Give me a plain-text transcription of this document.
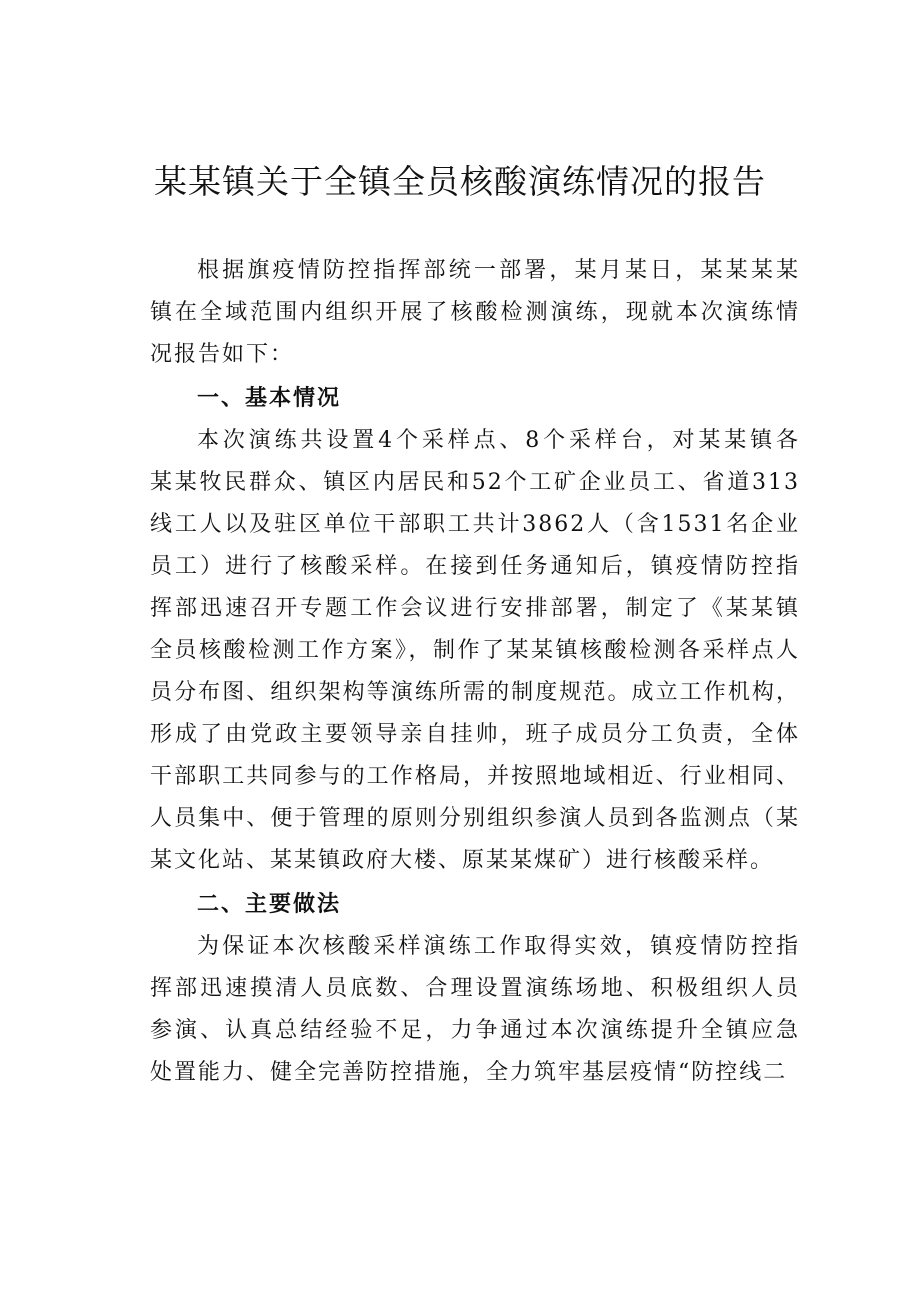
某某镇关于全镇全员核酸演练情况的报告

根据旗疫情防控指挥部统一部署，某月某日，某某某某 镇在全域范围内组织开展了核酸检测演练，现就本次演练情 况报告如下：

一、基本情况

本次演练共设置4个采样点、8个采样台，对某某镇各　 某某牧民群众、镇区内居民和52个工矿企业员工、省道313 线工人以及驻区单位干部职工共计3862人（含1531名企业　员工）进行了核酸采样。在接到任务通知后，镇疫情防控指 挥部迅速召开专题工作会议进行安排部署，制定了《某某镇　 全员核酸检测工作方案》，制作了某某镇核酸检测各采样点人 员分布图、组织架构等演练所需的制度规范。成立工作机构， 形成了由党政主要领导亲自挂帅，班子成员分工负责，全体 干部职工共同参与的工作格局，并按照地域相近、行业相同、 人员集中、便于管理的原则分别组织参演人员到各监测点（某 某文化站、某某镇政府大楼、原某某煤矿）进行核酸采样。

二、主要做法

为保证本次核酸采样演练工作取得实效，镇疫情防控指 挥部迅速摸清人员底数、合理设置演练场地、积极组织人员 参演、认真总结经验不足，力争通过本次演练提升全镇应急 处置能力、健全完善防控措施，全力筑牢基层疫情“防控线二
